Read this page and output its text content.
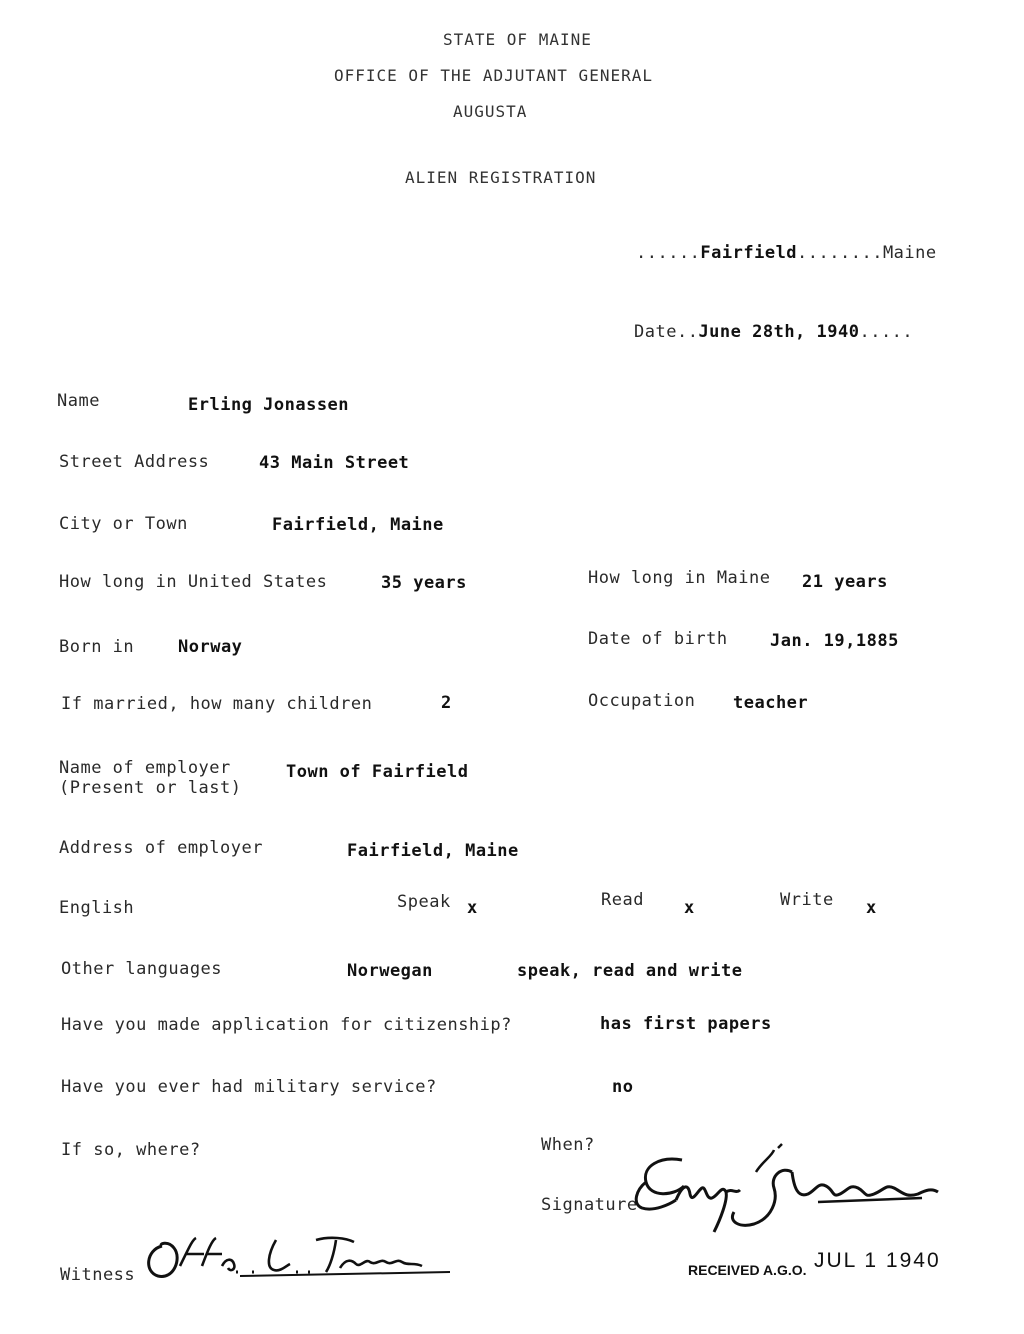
STATE OF MAINE
OFFICE OF THE ADJUTANT GENERAL
AUGUSTA
ALIEN REGISTRATION
......Fairfield........Maine
Date..June 28th, 1940.....
Name	Erling Jonassen
Street Address	43 Main Street
City or Town	Fairfield, Maine
How long in United States	35 years	How long in Maine 21 years
Born in	Norway	Date of birth Jan. 19,1885
If married, how many children	2	Occupation teacher
Name of employer
(Present or last)
Town of Fairfield
Address of employer	Fairfield, Maine
English	Speak x	Read x	Write x
Other languages	Norwegan	speak, read and write
Have you made application for citizenship?	has first papers
Have you ever had military service?	no
If so, where?	When?
Signature
Witness	RECEIVED A.G.O. JUL 1 1940
